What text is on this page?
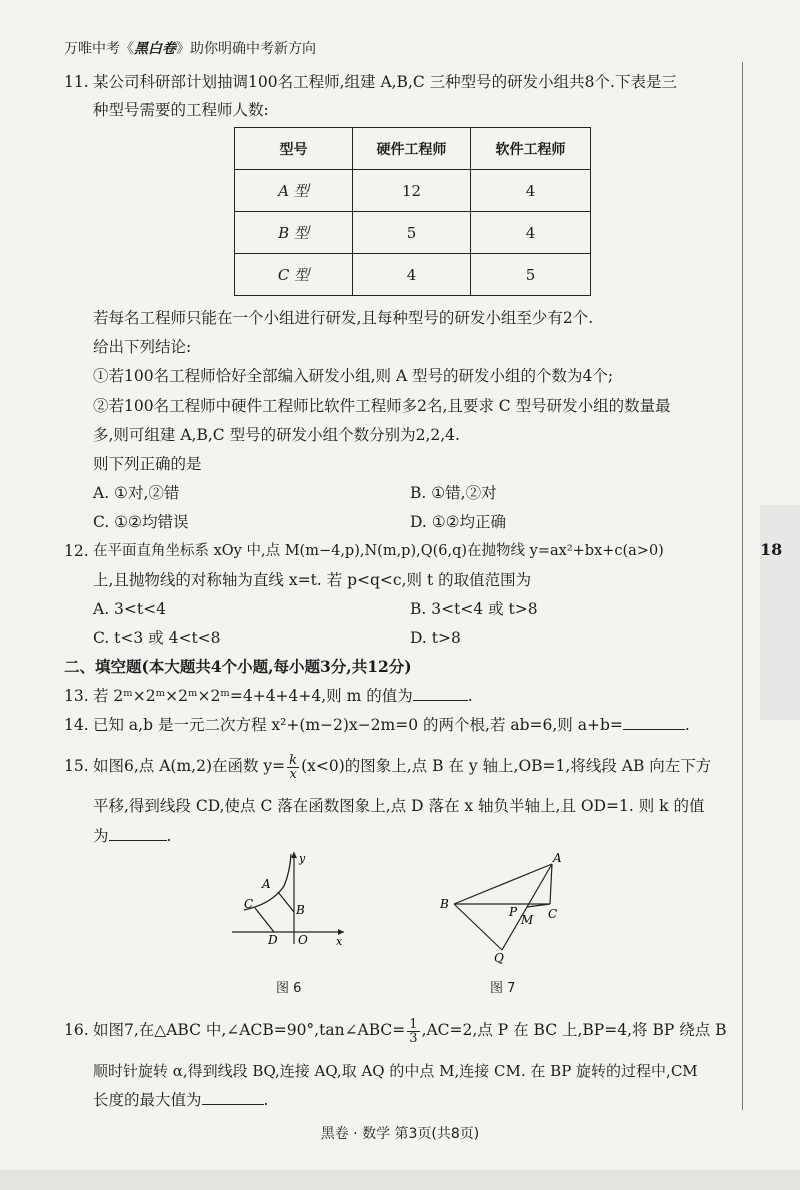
万唯中考《黑白卷》助你明确中考新方向
18
11. 某公司科研部计划抽调100名工程师,组建 A,B,C 三种型号的研发小组共8个.下表是三
种型号需要的工程师人数:
型号	硬件工程师	软件工程师
A 型	12	4
B 型	5	4
C 型	4	5
若每名工程师只能在一个小组进行研发,且每种型号的研发小组至少有2个.
给出下列结论:
①若100名工程师恰好全部编入研发小组,则 A 型号的研发小组的个数为4个;
②若100名工程师中硬件工程师比软件工程师多2名,且要求 C 型号研发小组的数量最
多,则可组建 A,B,C 型号的研发小组个数分别为2,2,4.
则下列正确的是
A. ①对,②错	B. ①错,②对
C. ①②均错误	D. ①②均正确
12. 在平面直角坐标系 xOy 中,点 M(m−4,p),N(m,p),Q(6,q)在抛物线 y=ax²+bx+c(a>0)
上,且抛物线的对称轴为直线 x=t. 若 p<q<c,则 t 的取值范围为
A. 3<t<4	B. 3<t<4 或 t>8
C. t<3 或 4<t<8	D. t>8
二、填空题(本大题共4个小题,每小题3分,共12分)
13. 若 2ᵐ×2ᵐ×2ᵐ×2ᵐ=4+4+4+4,则 m 的值为	.
14. 已知 a,b 是一元二次方程 x²+(m−2)x−2m=0 的两个根,若 ab=6,则 a+b=	.
15. 如图6,点 A(m,2)在函数 $y= \frac{k}{x} (x<0)$的图象上,点 B 在 y 轴上,OB=1,将线段 AB 向左下方
平移,得到线段 CD,使点 C 落在函数图象上,点 D 落在 x 轴负半轴上,且 OD=1. 则 k 的值
为	.
A
C	B
D O	x
y
图 6
A
B
C
P
M
Q
图 7
16. 如图7,在△ABC 中,∠ACB=90°,tan∠ABC= $\frac{1}{3} ,AC=2$,点 P 在 BC 上,BP=4,将 BP 绕点 B
顺时针旋转 α,得到线段 BQ,连接 AQ,取 AQ 的中点 M,连接 CM. 在 BP 旋转的过程中,CM
长度的最大值为	.
黑卷 · 数学 第3页(共8页)
